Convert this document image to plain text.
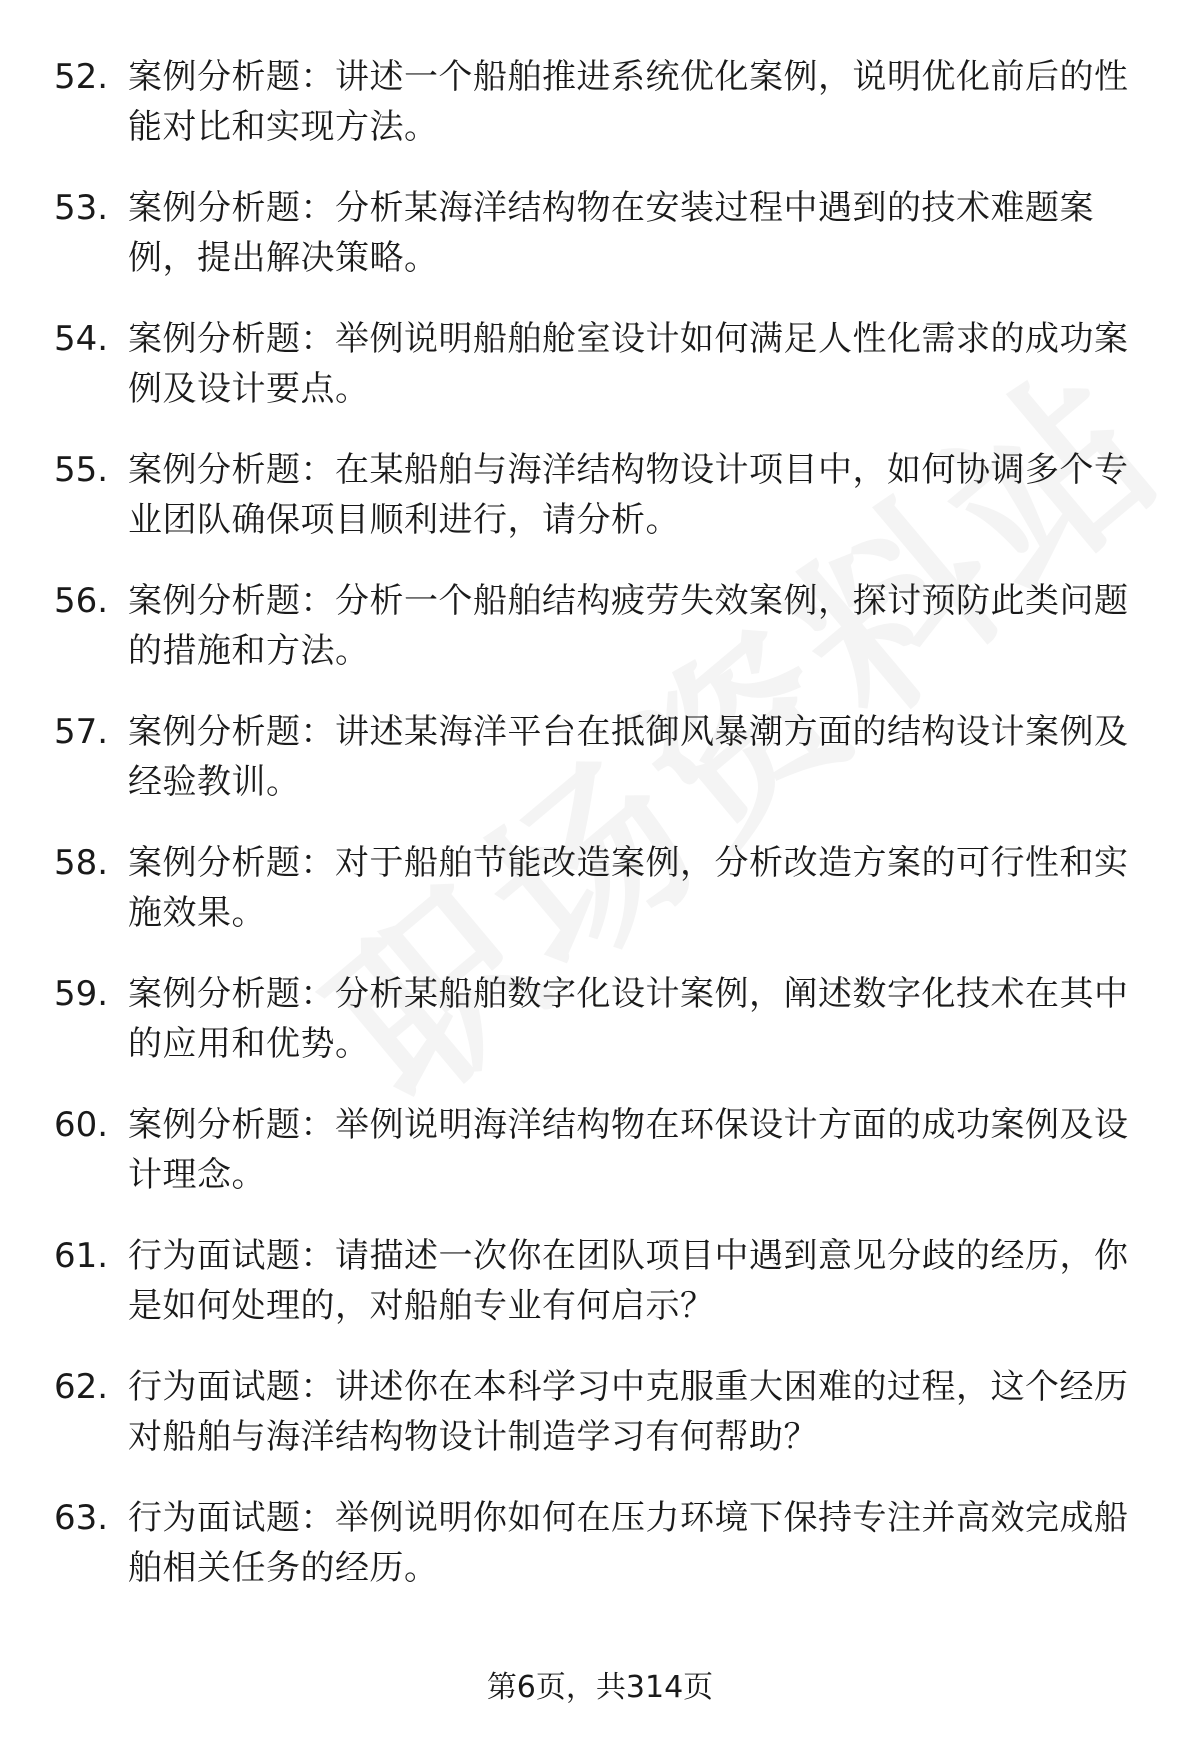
52. 案例分析题：讲述一个船舶推进系统优化案例，说明优化前后的性能对比和实现方法。
53. 案例分析题：分析某海洋结构物在安装过程中遇到的技术难题案例，提出解决策略。
54. 案例分析题：举例说明船舶舱室设计如何满足人性化需求的成功案例及设计要点。
55. 案例分析题：在某船舶与海洋结构物设计项目中，如何协调多个专业团队确保项目顺利进行，请分析。
56. 案例分析题：分析一个船舶结构疲劳失效案例，探讨预防此类问题的措施和方法。
57. 案例分析题：讲述某海洋平台在抵御风暴潮方面的结构设计案例及经验教训。
58. 案例分析题：对于船舶节能改造案例，分析改造方案的可行性和实施效果。
59. 案例分析题：分析某船舶数字化设计案例，阐述数字化技术在其中的应用和优势。
60. 案例分析题：举例说明海洋结构物在环保设计方面的成功案例及设计理念。
61. 行为面试题：请描述一次你在团队项目中遇到意见分歧的经历，你是如何处理的，对船舶专业有何启示？
62. 行为面试题：讲述你在本科学习中克服重大困难的过程，这个经历对船舶与海洋结构物设计制造学习有何帮助？
63. 行为面试题：举例说明你如何在压力环境下保持专注并高效完成船舶相关任务的经历。
第6页，共314页
